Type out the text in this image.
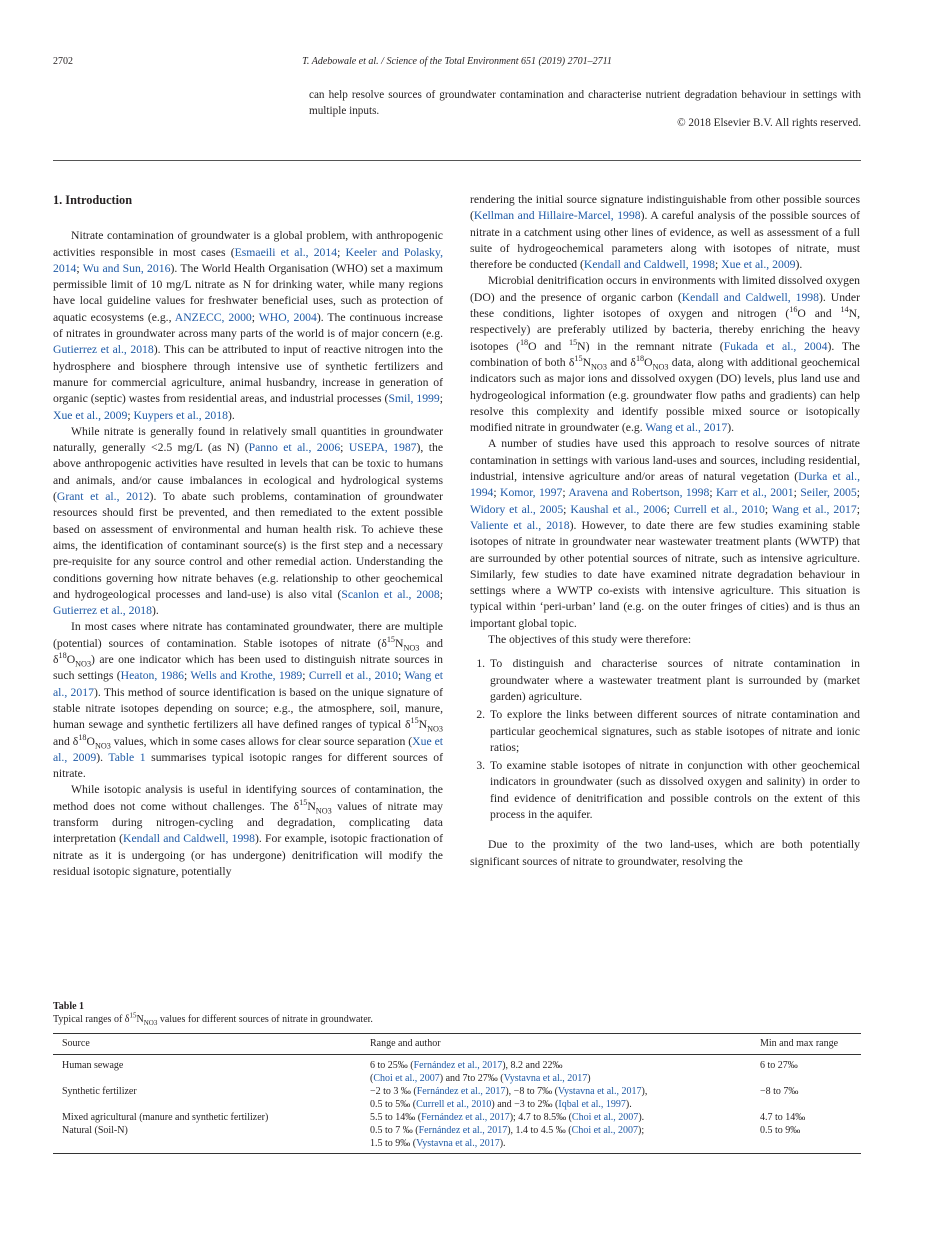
2702	T. Adebowale et al. / Science of the Total Environment 651 (2019) 2701–2711
can help resolve sources of groundwater contamination and characterise nutrient degradation behaviour in settings with multiple inputs.
© 2018 Elsevier B.V. All rights reserved.
1. Introduction

Nitrate contamination of groundwater is a global problem, with anthropogenic activities responsible in most cases (Esmaeili et al., 2014; Keeler and Polasky, 2014; Wu and Sun, 2016). The World Health Organisation (WHO) set a maximum permissible limit of 10 mg/L nitrate as N for drinking water, while many regions have local guideline values for freshwater beneficial uses, such as protection of aquatic ecosystems (e.g., ANZECC, 2000; WHO, 2004). The continuous increase of nitrates in groundwater across many parts of the world is of major concern (e.g. Gutierrez et al., 2018). This can be attributed to input of reactive nitrogen into the hydrosphere and biosphere through intensive use of synthetic fertilizers and manure for commercial agriculture, animal husbandry, increase in generation of organic (septic) wastes from residential areas, and industrial processes (Smil, 1999; Xue et al., 2009; Kuypers et al., 2018).

While nitrate is generally found in relatively small quantities in groundwater naturally, generally <2.5 mg/L (as N) (Panno et al., 2006; USEPA, 1987), the above anthropogenic activities have resulted in levels that can be toxic to humans and animals, and/or cause imbalances in ecological and hydrological systems (Grant et al., 2012). To abate such problems, contamination of groundwater resources should first be prevented, and then remediated to the extent possible based on assessment of environmental and human health risk. To achieve these aims, the identification of contaminant source(s) is the first step and a necessary pre-requisite for any source control and other remedial action. Understanding the conditions governing how nitrate behaves (e.g. relationship to other geochemical and hydrogeological processes and land-use) is also vital (Scanlon et al., 2008; Gutierrez et al., 2018).

In most cases where nitrate has contaminated groundwater, there are multiple (potential) sources of contamination. Stable isotopes of nitrate ($\delta^{15}N_{NO3}$ and $\delta^{18}O_{NO3}$) are one indicator which has been used to distinguish nitrate sources in such settings (Heaton, 1986; Wells and Krothe, 1989; Currell et al., 2010; Wang et al., 2017). This method of source identification is based on the unique signature of stable nitrate isotopes depending on source; e.g., the atmosphere, soil, manure, human sewage and synthetic fertilizers all have defined ranges of typical $\delta^{15}N_{NO3}$ and $\delta^{18}O_{NO3}$ values, which in some cases allows for clear source separation (Xue et al., 2009). Table 1 summarises typical isotopic ranges for different sources of nitrate.

While isotopic analysis is useful in identifying sources of contamination, the method does not come without challenges. The $\delta^{15}N_{NO3}$ values of nitrate may transform during nitrogen-cycling and degradation, complicating data interpretation (Kendall and Caldwell, 1998). For example, isotopic fractionation of nitrate as it is undergoing (or has undergone) denitrification will modify the residual isotopic signature, potentially

rendering the initial source signature indistinguishable from other possible sources (Kellman and Hillaire-Marcel, 1998). A careful analysis of the possible sources of nitrate in a catchment using other lines of evidence, as well as assessment of a full suite of hydrogeochemical parameters along with isotopes of nitrate, must therefore be conducted (Kendall and Caldwell, 1998; Xue et al., 2009).

Microbial denitrification occurs in environments with limited dissolved oxygen (DO) and the presence of organic carbon (Kendall and Caldwell, 1998). Under these conditions, lighter isotopes of oxygen and nitrogen ($^{16}$O and $^{14}$N, respectively) are preferably utilized by bacteria, thereby enriching the heavy isotopes ($^{18}$O and $^{15}$N) in the remnant nitrate (Fukada et al., 2004). The combination of both $\delta^{15}N_{NO3}$ and $\delta^{18}O_{NO3}$ data, along with additional geochemical indicators such as major ions and dissolved oxygen (DO) levels, plus land use and hydrogeological information (e.g. groundwater flow paths and gradients) can help resolve this complexity and identify possible mixed source or isotopically modified nitrate in groundwater (e.g. Wang et al., 2017).

A number of studies have used this approach to resolve sources of nitrate contamination in settings with various land-uses and sources, including residential, industrial, intensive agriculture and/or areas of natural vegetation (Durka et al., 1994; Komor, 1997; Aravena and Robertson, 1998; Karr et al., 2001; Seiler, 2005; Widory et al., 2005; Kaushal et al., 2006; Currell et al., 2010; Wang et al., 2017; Valiente et al., 2018). However, to date there are few studies examining stable isotopes of nitrate in groundwater near wastewater treatment plants (WWTP) that are surrounded by other potential sources of nitrate, such as intensive agriculture. Similarly, few studies to date have examined nitrate degradation behaviour in settings where a WWTP co-exists with intensive agriculture. This situation is typical within ‘peri-urban’ land (e.g. on the outer fringes of cities) and is thus an important global topic.

The objectives of this study were therefore:

1. To distinguish and characterise sources of nitrate contamination in groundwater where a wastewater treatment plant is surrounded by (market garden) agriculture.
2. To explore the links between different sources of nitrate contamination and particular geochemical signatures, such as stable isotopes of nitrate and ionic ratios;
3. To examine stable isotopes of nitrate in conjunction with other geochemical indicators in groundwater (such as dissolved oxygen and salinity) in order to find evidence of denitrification and possible controls on the extent of this process in the aquifer.

Due to the proximity of the two land-uses, which are both potentially significant sources of nitrate to groundwater, resolving the

Table 1
Typical ranges of $\delta^{15}N_{NO3}$ values for different sources of nitrate in groundwater.
Source	Range and author	Min and max range
Human sewage	6 to 25‰ (Fernández et al., 2017), 8.2 and 22‰
(Choi et al., 2007) and 7to 27‰ (Vystavna et al., 2017)	6 to 27‰
Synthetic fertilizer	−2 to 3 ‰ (Fernández et al., 2017), −8 to 7‰ (Vystavna et al., 2017),
0.5 to 5‰ (Currell et al., 2010) and −3 to 2‰ (Iqbal et al., 1997).	−8 to 7‰
Mixed agricultural (manure and synthetic fertilizer)	5.5 to 14‰ (Fernández et al., 2017); 4.7 to 8.5‰ (Choi et al., 2007).	4.7 to 14‰
Natural (Soil-N)	0.5 to 7 ‰ (Fernández et al., 2017), 1.4 to 4.5 ‰ (Choi et al., 2007);
1.5 to 9‰ (Vystavna et al., 2017).	0.5 to 9‰
